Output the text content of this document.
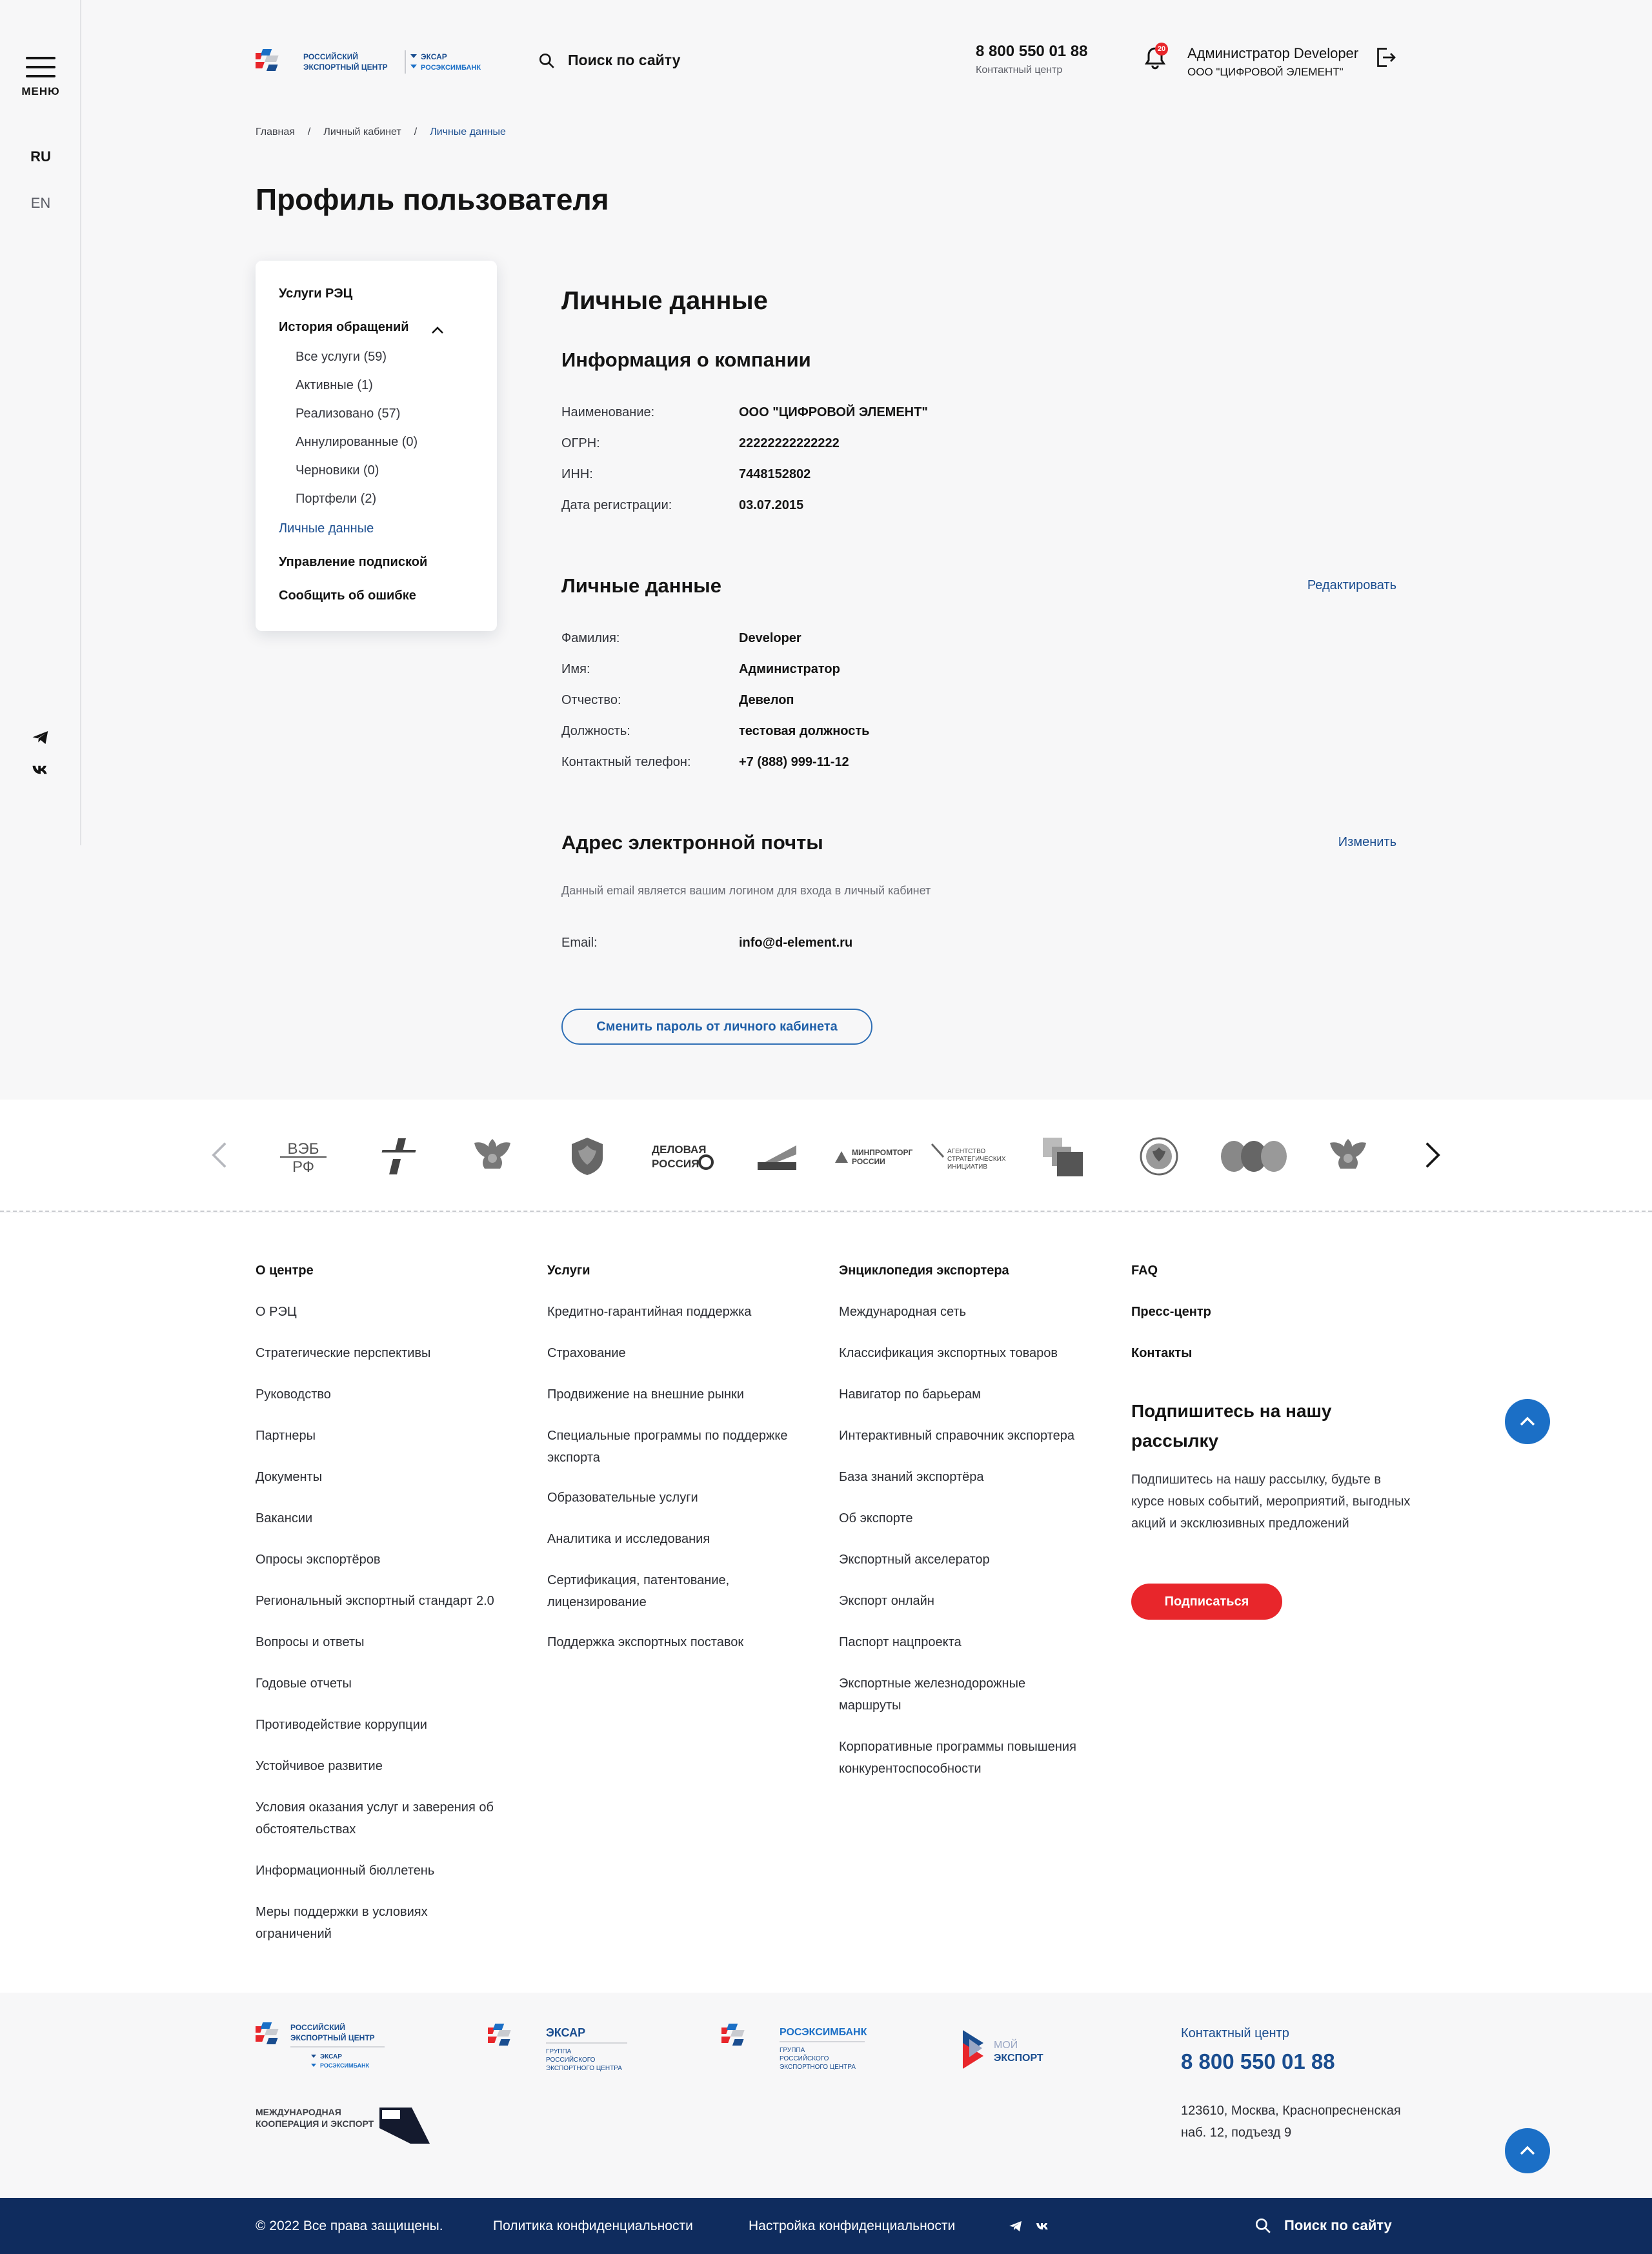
МЕНЮ
RU
EN
РОССИЙСКИЙ
ЭКСПОРТНЫЙ ЦЕНТР
ЭКСАР
РОСЭКСИМБАНК	Поиск по сайту	8 800 550 01 88
Контактный центр
20 Администратор Developer
ООО "ЦИФРОВОЙ ЭЛЕМЕНТ"
Главная / Личный кабинет / Личные данные
Профиль пользователя
Услуги РЭЦ
История обращений
Все услуги (59)
Активные (1)
Реализовано (57)
Аннулированные (0)
Черновики (0)
Портфели (2)
Личные данные
Управление подпиской
Сообщить об ошибке
Личные данные
Информация о компании
Наименование:	ООО "ЦИФРОВОЙ ЭЛЕМЕНТ"
ОГРН:	22222222222222
ИНН:	7448152802
Дата регистрации:	03.07.2015
Личные данные	Редактировать
Фамилия:	Developer
Имя:	Администратор
Отчество:	Девелоп
Должность:	тестовая должность
Контактный телефон:	+7 (888) 999-11-12
Адрес электронной почты	Изменить
Данный email является вашим логином для входа в личный кабинет
Email:	info@d-element.ru
Сменить пароль от личного кабинета
ВЭБ
РФ
ДЕЛОВАЯ
РОССИЯ
МИНПРОМТОРГ
РОССИИ
АГЕНТСТВО
СТРАТЕГИЧЕСКИХ
ИНИЦИАТИВ
О центре
О РЭЦ
Стратегические перспективы
Руководство
Партнеры
Документы
Вакансии
Опросы экспортёров
Региональный экспортный стандарт 2.0
Вопросы и ответы
Годовые отчеты
Противодействие коррупции
Устойчивое развитие
Условия оказания услуг и заверения об обстоятельствах
Информационный бюллетень
Меры поддержки в условиях ограничений
Услуги
Кредитно-гарантийная поддержка
Страхование
Продвижение на внешние рынки
Специальные программы по поддержке экспорта
Образовательные услуги
Аналитика и исследования
Сертификация, патентование, лицензирование
Поддержка экспортных поставок
Энциклопедия экспортера
Международная сеть
Классификация экспортных товаров
Навигатор по барьерам
Интерактивный справочник экспортера
База знаний экспортёра
Об экспорте
Экспортный акселератор
Экспорт онлайн
Паспорт нацпроекта
Экспортные железнодорожные маршруты
Корпоративные программы повышения конкурентоспособности
FAQ
Пресс-центр
Контакты
Подпишитесь на нашу рассылку
Подпишитесь на нашу рассылку, будьте в курсе новых событий, мероприятий, выгодных акций и эксклюзивных предложений
Подписаться
РОССИЙСКИЙ
ЭКСПОРТНЫЙ ЦЕНТР
ЭКСАР
РОСЭКСИМБАНК
МЕЖДУНАРОДНАЯ
КООПЕРАЦИЯ И ЭКСПОРТ
ЭКСАР
ГРУППА
РОССИЙСКОГО
ЭКСПОРТНОГО ЦЕНТРА
РОСЭКСИМБАНК
ГРУППА
РОССИЙСКОГО
ЭКСПОРТНОГО ЦЕНТРА
МОЙ
ЭКСПОРТ
Контактный центр
8 800 550 01 88
123610, Москва, Краснопресненская наб. 12, подъезд 9
© 2022 Все права защищены.	Политика конфиденциальности	Настройка конфиденциальности	Поиск по сайту
